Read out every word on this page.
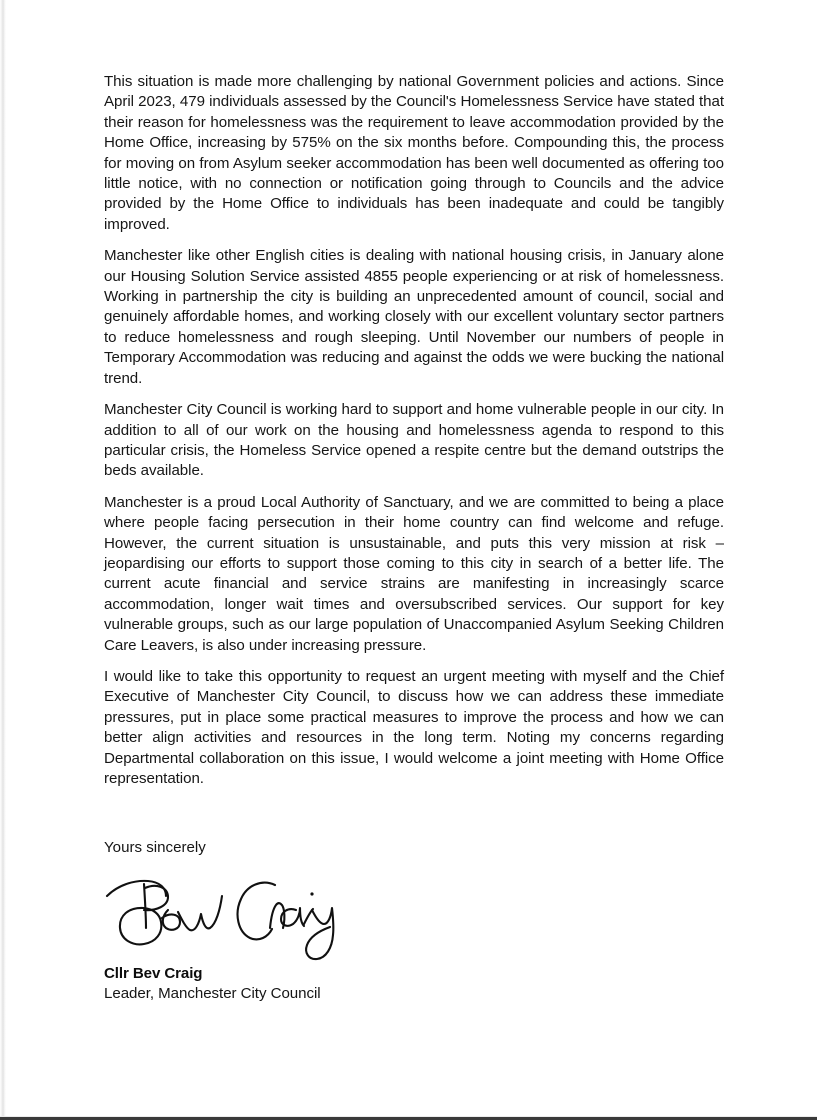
This situation is made more challenging by national Government policies and actions. Since April 2023, 479 individuals assessed by the Council's Homelessness Service have stated that their reason for homelessness was the requirement to leave accommodation provided by the Home Office, increasing by 575% on the six months before. Compounding this, the process for moving on from Asylum seeker accommodation has been well documented as offering too little notice, with no connection or notification going through to Councils and the advice provided by the Home Office to individuals has been inadequate and could be tangibly improved.

Manchester like other English cities is dealing with national housing crisis, in January alone our Housing Solution Service assisted 4855 people experiencing or at risk of homelessness. Working in partnership the city is building an unprecedented amount of council, social and genuinely affordable homes, and working closely with our excellent voluntary sector partners to reduce homelessness and rough sleeping. Until November our numbers of people in Temporary Accommodation was reducing and against the odds we were bucking the national trend.

Manchester City Council is working hard to support and home vulnerable people in our city. In addition to all of our work on the housing and homelessness agenda to respond to this particular crisis, the Homeless Service opened a respite centre but the demand outstrips the beds available.

Manchester is a proud Local Authority of Sanctuary, and we are committed to being a place where people facing persecution in their home country can find welcome and refuge. However, the current situation is unsustainable, and puts this very mission at risk – jeopardising our efforts to support those coming to this city in search of a better life. The current acute financial and service strains are manifesting in increasingly scarce accommodation, longer wait times and oversubscribed services. Our support for key vulnerable groups, such as our large population of Unaccompanied Asylum Seeking Children Care Leavers, is also under increasing pressure.

I would like to take this opportunity to request an urgent meeting with myself and the Chief Executive of Manchester City Council, to discuss how we can address these immediate pressures, put in place some practical measures to improve the process and how we can better align activities and resources in the long term. Noting my concerns regarding Departmental collaboration on this issue, I would welcome a joint meeting with Home Office representation.

Yours sincerely

Cllr Bev Craig

Leader, Manchester City Council
